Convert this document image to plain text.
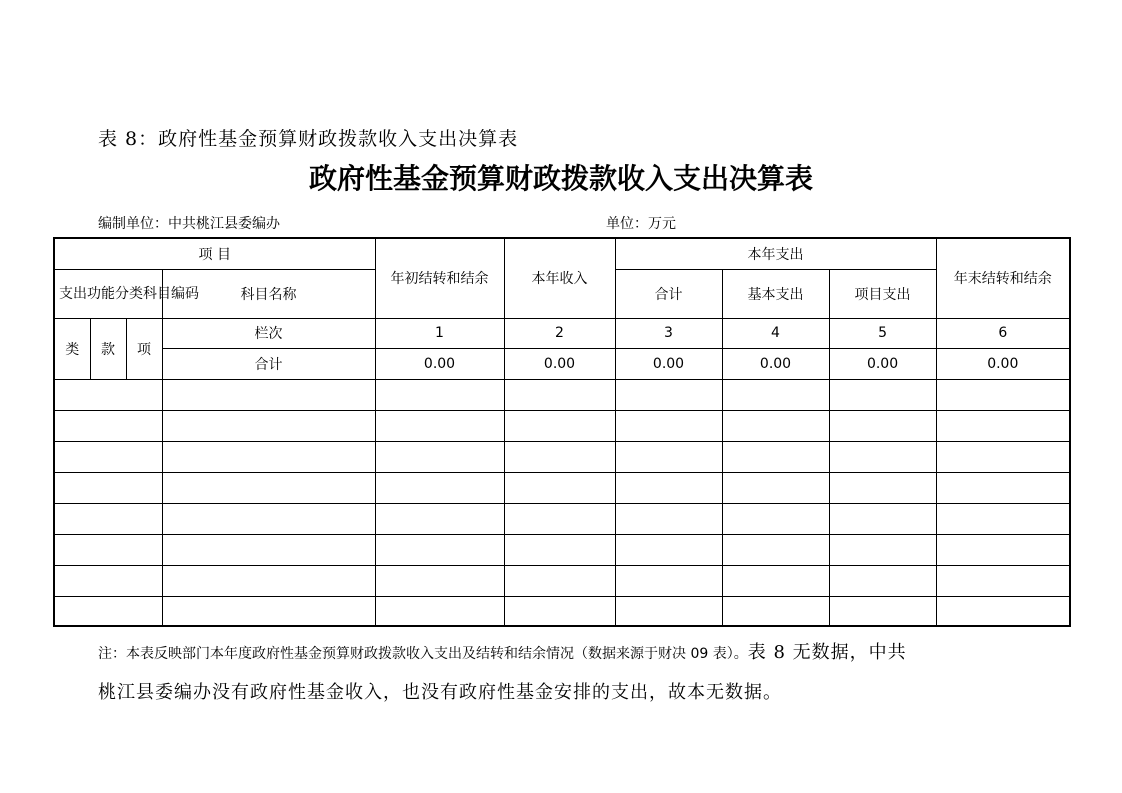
表 8：政府性基金预算财政拨款收入支出决算表
政府性基金预算财政拨款收入支出决算表
编制单位：中共桃江县委编办	单位：万元
项 目				年初结转和结余	本年收入	本年支出			年末结转和结余
支出功能分类科目编码			科目名称			合计	基本支出	项目支出	
类	款	项	栏次	1	2	3	4	5	6
			合计	0.00	0.00	0.00	0.00	0.00	0.00

注：本表反映部门本年度政府性基金预算财政拨款收入支出及结转和结余情况（数据来源于财决 09 表）。表 8 无数据，中共
桃江县委编办没有政府性基金收入，也没有政府性基金安排的支出，故本无数据。
